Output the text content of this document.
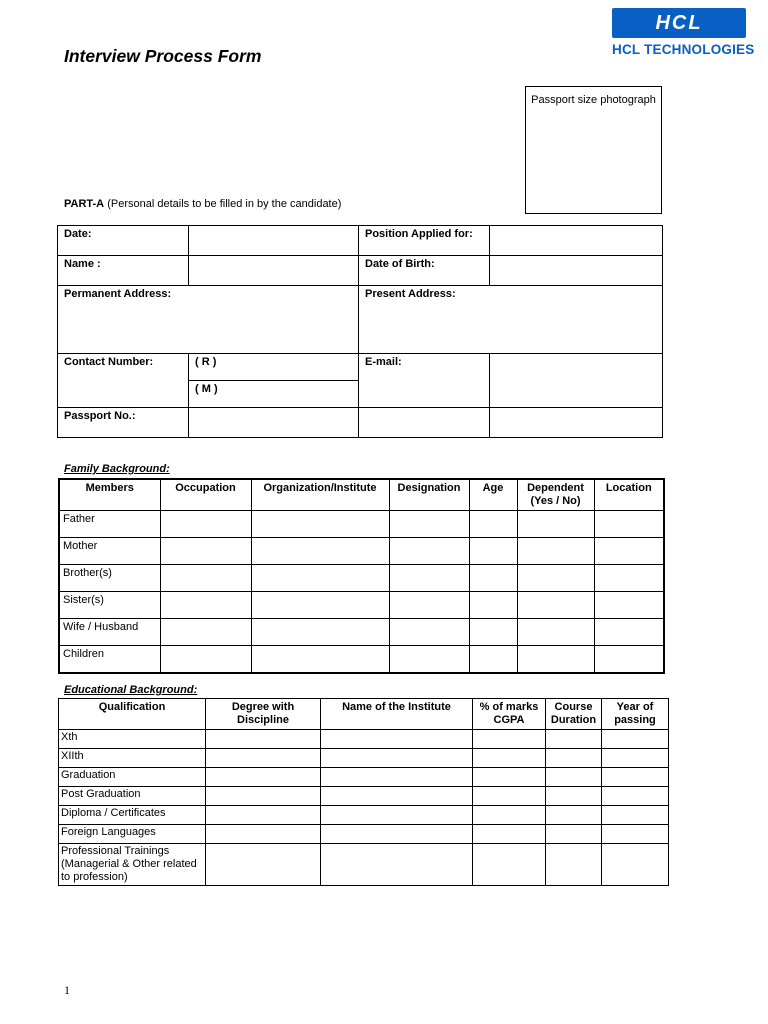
HCL
HCL TECHNOLOGIES
Interview Process Form
Passport size photograph
PART-A (Personal details to be filled in by the candidate)
Date:		Position Applied for:	
Name :		Date of Birth:	
Permanent Address:		Present Address:	
Contact Number:	( R )	E-mail:	
	( M )		
Passport No.:			
Family Background:
Members	Occupation	Organization/Institute	Designation	Age	Dependent (Yes / No)	Location
Father						
Mother						
Brother(s)						
Sister(s)						
Wife / Husband						
Children						
Educational Background:
Qualification	Degree with Discipline	Name of the Institute	% of marks CGPA	Course Duration	Year of passing
Xth					
XIIth					
Graduation					
Post Graduation					
Diploma / Certificates					
Foreign Languages					
Professional Trainings (Managerial & Other related to profession)					
1
